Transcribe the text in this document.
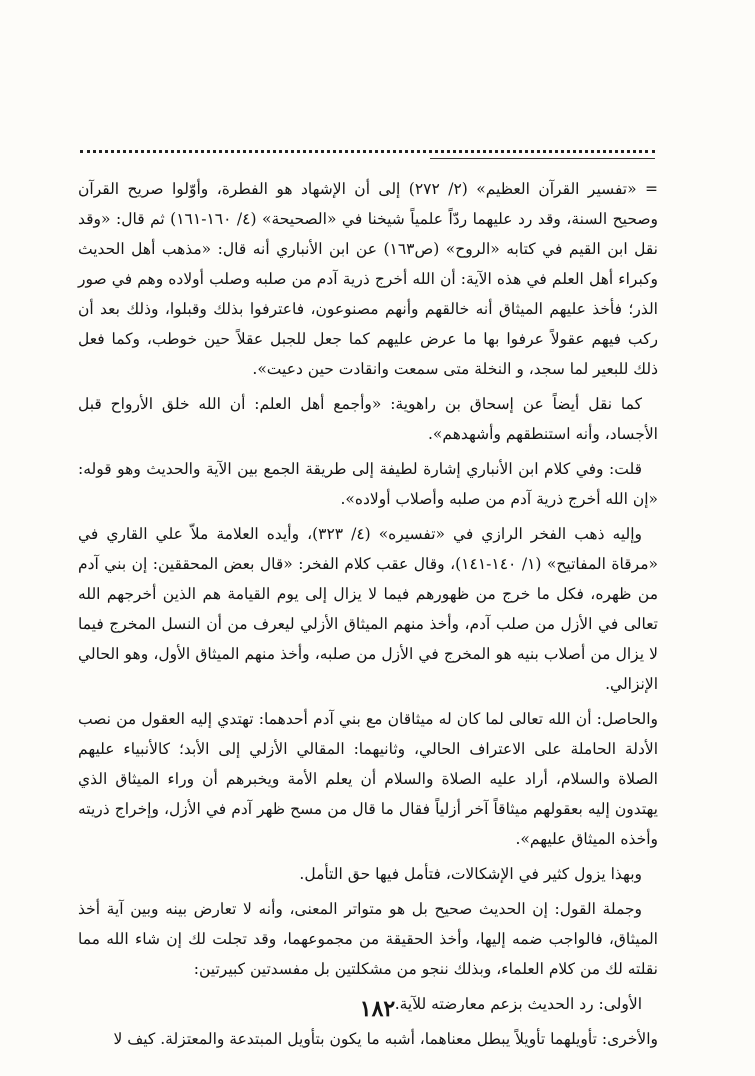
= «تفسير القرآن العظيم» (٢/ ٢٧٢) إلى أن الإشهاد هو الفطرة، وأوّلوا صريح القرآن وصحيح السنة، وقد رد عليهما ردّاً علمياً شيخنا في «الصحيحة» (٤/ ١٦٠-١٦١) ثم قال: «وقد نقل ابن القيم في كتابه «الروح» (ص١٦٣) عن ابن الأنباري أنه قال: «مذهب أهل الحديث وكبراء أهل العلم في هذه الآية: أن الله أخرج ذرية آدم من صلبه وصلب أولاده وهم في صور الذر؛ فأخذ عليهم الميثاق أنه خالقهم وأنهم مصنوعون، فاعترفوا بذلك وقبلوا، وذلك بعد أن ركب فيهم عقولاً عرفوا بها ما عرض عليهم كما جعل للجبل عقلاً حين خوطب، وكما فعل ذلك للبعير لما سجد، و النخلة متى سمعت وانقادت حين دعيت».

كما نقل أيضاً عن إسحاق بن راهوية: «وأجمع أهل العلم: أن الله خلق الأرواح قبل الأجساد، وأنه استنطقهم وأشهدهم».

قلت: وفي كلام ابن الأنباري إشارة لطيفة إلى طريقة الجمع بين الآية والحديث وهو قوله: «إن الله أخرج ذرية آدم من صلبه وأصلاب أولاده».

وإليه ذهب الفخر الرازي في «تفسيره» (٤/ ٣٢٣)، وأيده العلامة ملاّ علي القاري في «مرقاة المفاتيح» (١/ ١٤٠-١٤١)، وقال عقب كلام الفخر: «قال بعض المحققين: إن بني آدم من ظهره، فكل ما خرج من ظهورهم فيما لا يزال إلى يوم القيامة هم الذين أخرجهم الله تعالى في الأزل من صلب آدم، وأخذ منهم الميثاق الأزلي ليعرف من أن النسل المخرج فيما لا يزال من أصلاب بنيه هو المخرج في الأزل من صلبه، وأخذ منهم الميثاق الأول، وهو الحالي الإنزالي.

والحاصل: أن الله تعالى لما كان له ميثاقان مع بني آدم أحدهما: تهتدي إليه العقول من نصب الأدلة الحاملة على الاعتراف الحالي، وثانيهما: المقالي الأزلي إلى الأبد؛ كالأنبياء عليهم الصلاة والسلام، أراد عليه الصلاة والسلام أن يعلم الأمة ويخبرهم أن وراء الميثاق الذي يهتدون إليه بعقولهم ميثاقاً آخر أزلياً فقال ما قال من مسح ظهر آدم في الأزل، وإخراج ذريته وأخذه الميثاق عليهم».

وبهذا يزول كثير في الإشكالات، فتأمل فيها حق التأمل.

وجملة القول: إن الحديث صحيح بل هو متواتر المعنى، وأنه لا تعارض بينه وبين آية أخذ الميثاق، فالواجب ضمه إليها، وأخذ الحقيقة من مجموعهما، وقد تجلت لك إن شاء الله مما نقلته لك من كلام العلماء، وبذلك ننجو من مشكلتين بل مفسدتين كبيرتين:

الأولى: رد الحديث بزعم معارضته للآية.

والأخرى: تأويلهما تأويلاً يبطل معناهما، أشبه ما يكون بتأويل المبتدعة والمعتزلة. كيف لا

١٨٢
